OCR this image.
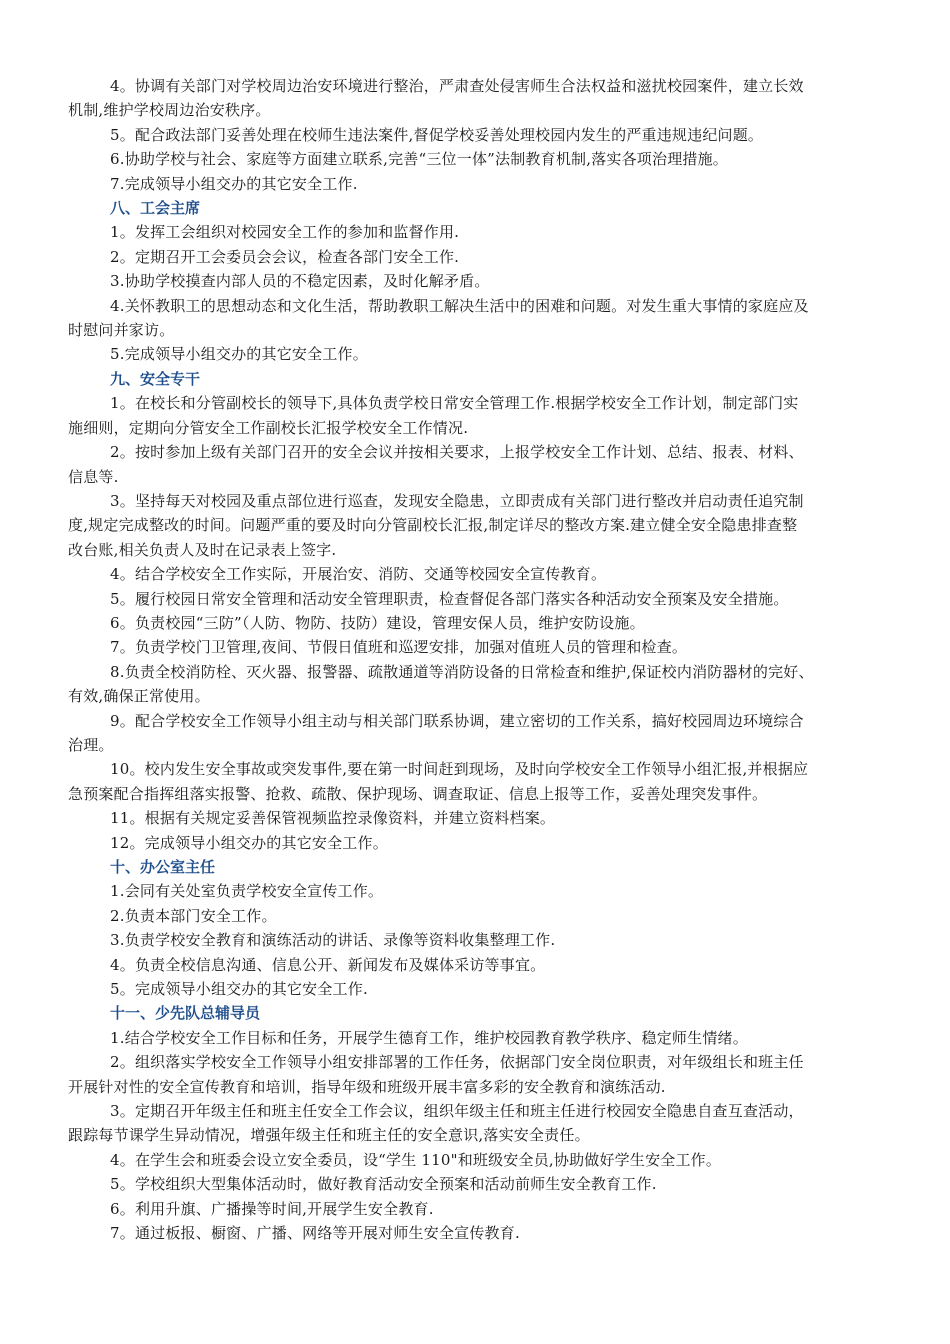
4。协调有关部门对学校周边治安环境进行整治，严肃查处侵害师生合法权益和滋扰校园案件，建立长效
机制,维护学校周边治安秩序。
5。配合政法部门妥善处理在校师生违法案件,督促学校妥善处理校园内发生的严重违规违纪问题。
6.协助学校与社会、家庭等方面建立联系,完善“三位一体”法制教育机制,落实各项治理措施。
7.完成领导小组交办的其它安全工作.
八、工会主席
1。发挥工会组织对校园安全工作的参加和监督作用.
2。定期召开工会委员会会议，检查各部门安全工作.
3.协助学校摸查内部人员的不稳定因素，及时化解矛盾。
4.关怀教职工的思想动态和文化生活，帮助教职工解决生活中的困难和问题。对发生重大事情的家庭应及
时慰问并家访。
5.完成领导小组交办的其它安全工作。
九、安全专干
1。在校长和分管副校长的领导下,具体负责学校日常安全管理工作.根据学校安全工作计划，制定部门实
施细则，定期向分管安全工作副校长汇报学校安全工作情况.
2。按时参加上级有关部门召开的安全会议并按相关要求，上报学校安全工作计划、总结、报表、材料、
信息等.
3。坚持每天对校园及重点部位进行巡查，发现安全隐患，立即责成有关部门进行整改并启动责任追究制
度,规定完成整改的时间。问题严重的要及时向分管副校长汇报,制定详尽的整改方案.建立健全安全隐患排查整
改台账,相关负责人及时在记录表上签字.
4。结合学校安全工作实际，开展治安、消防、交通等校园安全宣传教育。
5。履行校园日常安全管理和活动安全管理职责，检查督促各部门落实各种活动安全预案及安全措施。
6。负责校园“三防”（人防、物防、技防）建设，管理安保人员，维护安防设施。
7。负责学校门卫管理,夜间、节假日值班和巡逻安排，加强对值班人员的管理和检查。
8.负责全校消防栓、灭火器、报警器、疏散通道等消防设备的日常检查和维护,保证校内消防器材的完好、
有效,确保正常使用。
9。配合学校安全工作领导小组主动与相关部门联系协调，建立密切的工作关系，搞好校园周边环境综合
治理。
10。校内发生安全事故或突发事件,要在第一时间赶到现场，及时向学校安全工作领导小组汇报,并根据应
急预案配合指挥组落实报警、抢救、疏散、保护现场、调查取证、信息上报等工作，妥善处理突发事件。
11。根据有关规定妥善保管视频监控录像资料，并建立资料档案。
12。完成领导小组交办的其它安全工作。
十、办公室主任
1.会同有关处室负责学校安全宣传工作。
2.负责本部门安全工作。
3.负责学校安全教育和演练活动的讲话、录像等资料收集整理工作.
4。负责全校信息沟通、信息公开、新闻发布及媒体采访等事宜。
5。完成领导小组交办的其它安全工作.
十一、少先队总辅导员
1.结合学校安全工作目标和任务，开展学生德育工作，维护校园教育教学秩序、稳定师生情绪。
2。组织落实学校安全工作领导小组安排部署的工作任务，依据部门安全岗位职责，对年级组长和班主任
开展针对性的安全宣传教育和培训，指导年级和班级开展丰富多彩的安全教育和演练活动.
3。定期召开年级主任和班主任安全工作会议，组织年级主任和班主任进行校园安全隐患自查互查活动，
跟踪每节课学生异动情况，增强年级主任和班主任的安全意识,落实安全责任。
4。在学生会和班委会设立安全委员，设“学生 110"和班级安全员,协助做好学生安全工作。
5。学校组织大型集体活动时，做好教育活动安全预案和活动前师生安全教育工作.
6。利用升旗、广播操等时间,开展学生安全教育.
7。通过板报、橱窗、广播、网络等开展对师生安全宣传教育.
